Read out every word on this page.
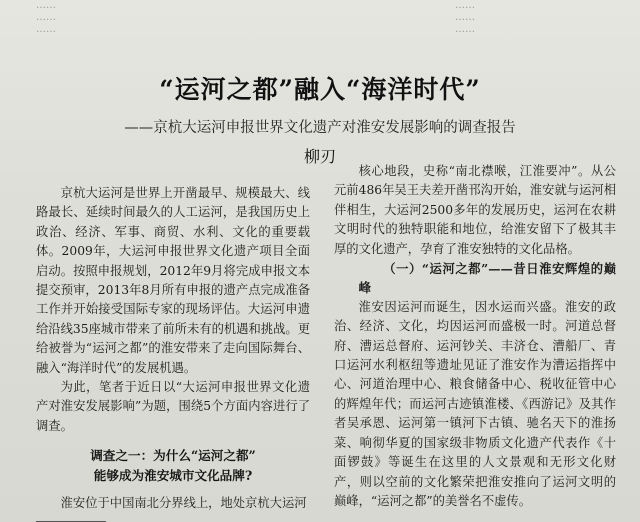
……
……
……
……
……
……
“运河之都”融入“海洋时代”
——京杭大运河申报世界文化遗产对淮安发展影响的调查报告
柳刃

京杭大运河是世界上开凿最早、规模最大、线路最长、延续时间最久的人工运河，是我国历史上政治、经济、军事、商贸、水利、文化的重要载体。2009年，大运河申报世界文化遗产项目全面启动。按照申报规划，2012年9月将完成申报文本提交预审，2013年8月所有申报的遗产点完成准备工作并开始接受国际专家的现场评估。大运河申遗给沿线35座城市带来了前所未有的机遇和挑战。更给被誉为“运河之都”的淮安带来了走向国际舞台、融入“海洋时代”的发展机遇。

为此，笔者于近日以“大运河申报世界文化遗产对淮安发展影响”为题，围绕5个方面内容进行了调查。

调查之一：为什么“运河之都”
能够成为淮安城市文化品牌?

淮安位于中国南北分界线上，地处京杭大运河

核心地段，史称“南北襟喉，江淮要冲”。从公元前486年吴王夫差开凿邗沟开始，淮安就与运河相伴相生，大运河2500多年的发展历史，运河在农耕文明时代的独特职能和地位，给淮安留下了极其丰厚的文化遗产，孕育了淮安独特的文化品格。

（一）“运河之都”——昔日淮安辉煌的巅峰

淮安因运河而诞生，因水运而兴盛。淮安的政治、经济、文化，均因运河而盛极一时。河道总督府、漕运总督府、运河钞关、丰济仓、漕船厂、青口运河水利枢纽等遗址见证了淮安作为漕运指挥中心、河道治理中心、粮食储备中心、税收征管中心的辉煌年代；而运河古迹镇淮楼、《西游记》及其作者吴承恩、运河第一镇河下古镇、驰名天下的淮扬菜、响彻华夏的国家级非物质文化遗产代表作《十面锣鼓》等诞生在这里的人文景观和无形文化财产，则以空前的文化繁荣把淮安推向了运河文明的巅峰，“运河之都”的美誉名不虚传。
